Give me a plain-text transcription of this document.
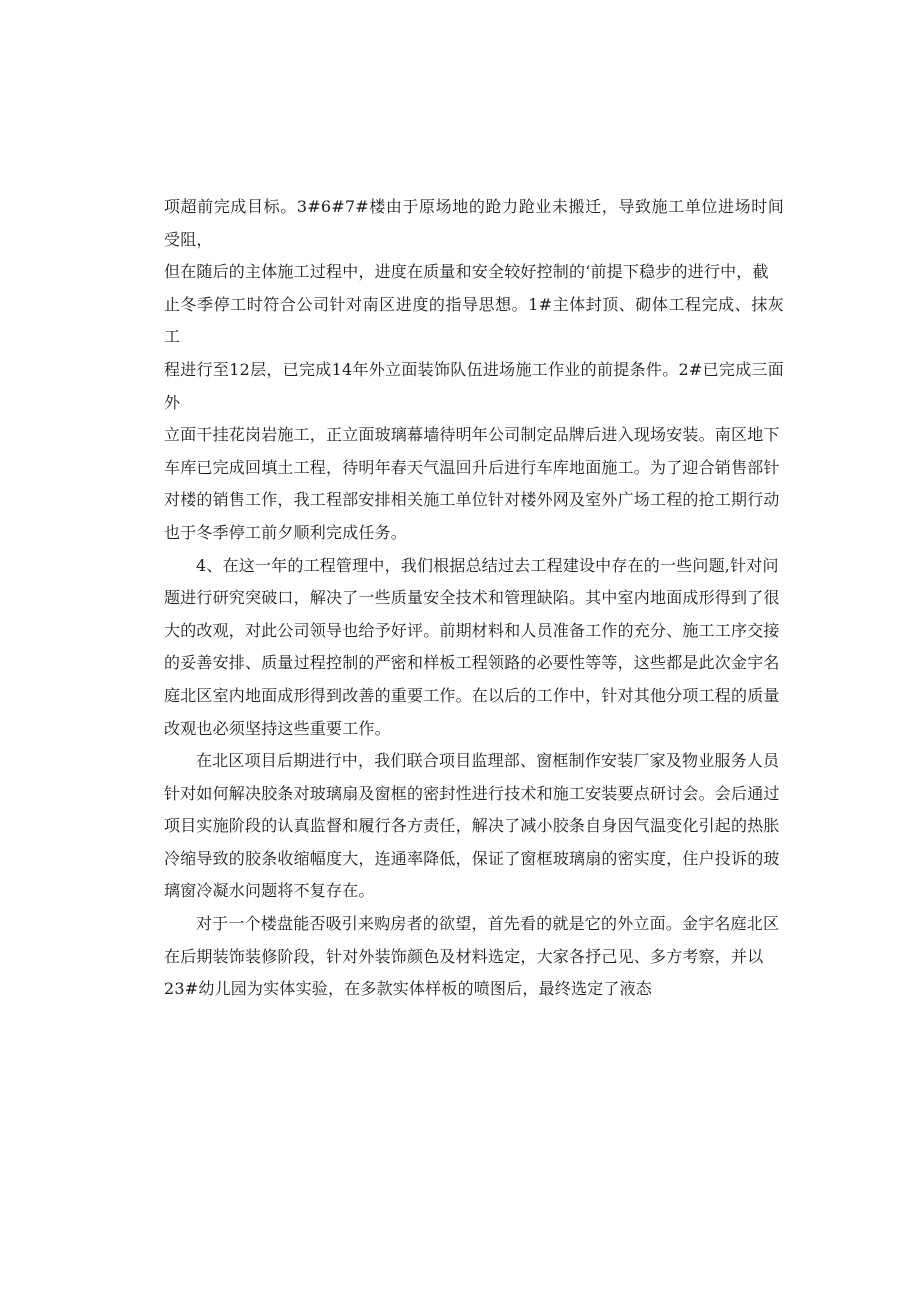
项超前完成目标。3#6#7#楼由于原场地的跄力跄业未搬迁，导致施工单位进场时间受阻，
但在随后的主体施工过程中，进度在质量和安全较好控制的‘前提下稳步的进行中，截
止冬季停工时符合公司针对南区进度的指导思想。1#主体封顶、砌体工程完成、抹灰工
程进行至12层，已完成14年外立面装饰队伍进场施工作业的前提条件。2#已完成三面外
立面干挂花岗岩施工，正立面玻璃幕墙待明年公司制定品牌后进入现场安装。南区地下
车库已完成回填土工程，待明年春天气温回升后进行车库地面施工。为了迎合销售部针
对楼的销售工作，我工程部安排相关施工单位针对楼外网及室外广场工程的抢工期行动
也于冬季停工前夕顺利完成任务。
4、在这一年的工程管理中，我们根据总结过去工程建设中存在的一些问题,针对问
题进行研究突破口，解决了一些质量安全技术和管理缺陷。其中室内地面成形得到了很
大的改观，对此公司领导也给予好评。前期材料和人员准备工作的充分、施工工序交接
的妥善安排、质量过程控制的严密和样板工程领路的必要性等等，这些都是此次金宇名
庭北区室内地面成形得到改善的重要工作。在以后的工作中，针对其他分项工程的质量
改观也必须坚持这些重要工作。
在北区项目后期进行中，我们联合项目监理部、窗框制作安装厂家及物业服务人员
针对如何解决胶条对玻璃扇及窗框的密封性进行技术和施工安装要点研讨会。会后通过
项目实施阶段的认真监督和履行各方责任，解决了减小胶条自身因气温变化引起的热胀
冷缩导致的胶条收缩幅度大，连通率降低，保证了窗框玻璃扇的密实度，住户投诉的玻
璃窗冷凝水问题将不复存在。
对于一个楼盘能否吸引来购房者的欲望，首先看的就是它的外立面。金宇名庭北区
在后期装饰装修阶段，针对外装饰颜色及材料选定，大家各抒己见、多方考察，并以
23#幼儿园为实体实验，在多款实体样板的喷图后，最终选定了液态
